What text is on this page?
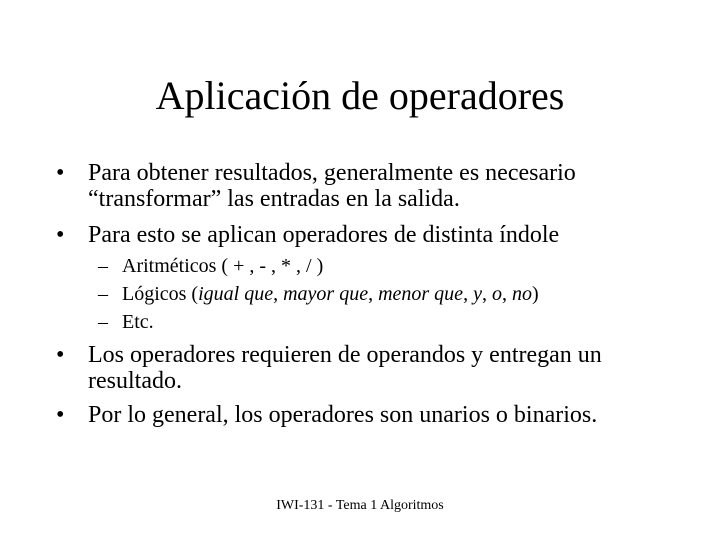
Aplicación de operadores
• Para obtener resultados, generalmente es necesario “transformar” las entradas en la salida.
• Para esto se aplican operadores de distinta índole
– Aritméticos ( + , - , * , / )
– Lógicos (igual que, mayor que, menor que, y, o, no)
– Etc.
• Los operadores requieren de operandos y entregan un resultado.
• Por lo general, los operadores son unarios o binarios.
IWI-131 - Tema 1 Algoritmos
